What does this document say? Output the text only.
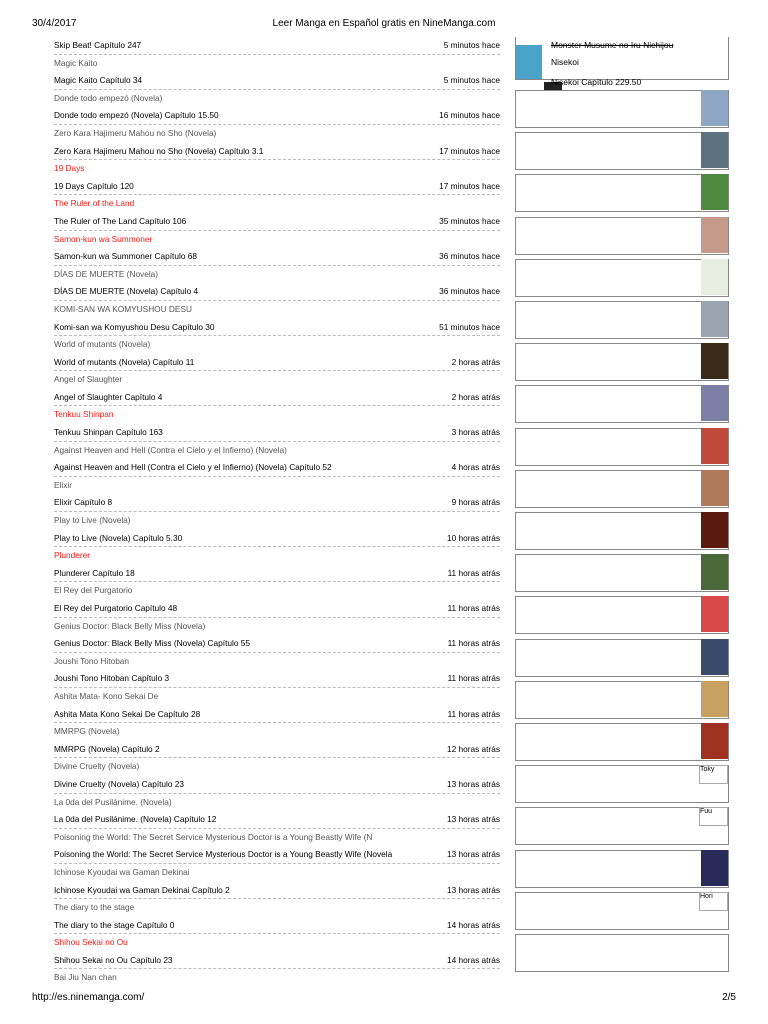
30/4/2017	Leer Manga en Español gratis en NineManga.com
Skip Beat! Capítulo 247	5 minutos hace
Magic Kaito
Magic Kaito Capítulo 34	5 minutos hace
Donde todo empezó (Novela)
Donde todo empezó (Novela) Capítulo 15.50	16 minutos hace
Zero Kara Hajimeru Mahou no Sho (Novela)
Zero Kara Hajimeru Mahou no Sho (Novela) Capítulo 3.1	17 minutos hace
19 Days
19 Days Capítulo 120	17 minutos hace
The Ruler of the Land
The Ruler of The Land Capítulo 106	35 minutos hace
Samon-kun wa Summoner
Samon-kun wa Summoner Capítulo 68	36 minutos hace
DÍAS DE MUERTE (Novela)
DÍAS DE MUERTE (Novela) Capítulo 4	36 minutos hace
KOMI-SAN WA KOMYUSHOU DESU
Komi-san wa Komyushou Desu Capítulo 30	51 minutos hace
World of mutants (Novela)
World of mutants (Novela) Capítulo 11	2 horas atrás
Angel of Slaughter
Angel of Slaughter Capítulo 4	2 horas atrás
Tenkuu Shinpan
Tenkuu Shinpan Capítulo 163	3 horas atrás
Against Heaven and Hell (Contra el Cielo y el Infierno) (Novela)
Against Heaven and Hell (Contra el Cielo y el Infierno) (Novela) Capítulo 52	4 horas atrás
Elixir
Elixir Capítulo 8	9 horas atrás
Play to Live (Novela)
Play to Live (Novela) Capítulo 5.30	10 horas atrás
Plunderer
Plunderer Capítulo 18	11 horas atrás
El Rey del Purgatorio
El Rey del Purgatorio Capítulo 48	11 horas atrás
Genius Doctor: Black Belly Miss (Novela)
Genius Doctor: Black Belly Miss (Novela) Capítulo 55	11 horas atrás
Joushi Tono Hitoban
Joushi Tono Hitoban Capítulo 3	11 horas atrás
Ashita Mata- Kono Sekai De
Ashita Mata Kono Sekai De Capítulo 28	11 horas atrás
MMRPG (Novela)
MMRPG (Novela) Capítulo 2	12 horas atrás
Divine Cruelty (Novela)
Divine Cruelty (Novela) Capítulo 23	13 horas atrás
La 0da del Pusilánime. (Novela)
La 0da del Pusilánime. (Novela) Capítulo 12	13 horas atrás
Poisoning the World: The Secret Service Mysterious Doctor is a Young Beastly Wife (N
Poisoning the World: The Secret Service Mysterious Doctor is a Young Beastly Wife (Novela	13 horas atrás
Ichinose Kyoudai wa Gaman Dekinai
Ichinose Kyoudai wa Gaman Dekinai Capítulo 2	13 horas atrás
The diary to the stage
The diary to the stage Capítulo 0	14 horas atrás
Shihou Sekai no Ou
Shihou Sekai no Ou Capítulo 23	14 horas atrás
Bai Jiu Nan chan
Monster Musume no Iru Nichijou
Nisekoi
Nisekoi Capítulo 229.50
Toky
Fuu
Hori
http://es.ninemanga.com/	2/5
